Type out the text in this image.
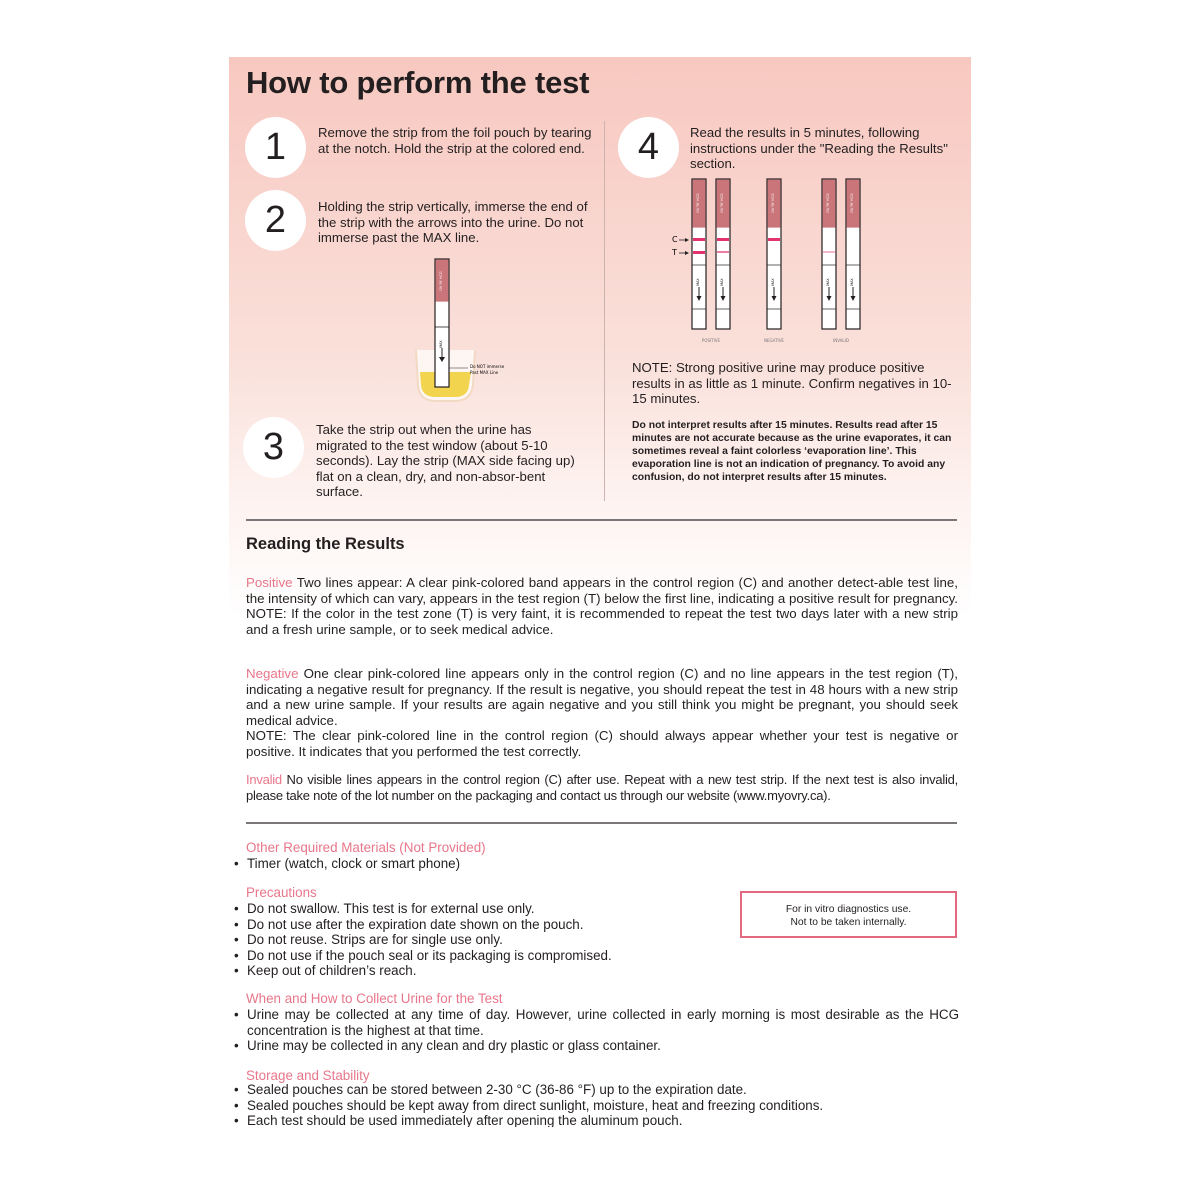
How to perform the test
1	Remove the strip from the foil pouch by tearing at the notch. Hold the strip at the colored end.
2	Holding the strip vertically, immerse the end of the strip with the arrows into the urine. Do not immerse past the MAX line.
3	Take the strip out when the urine has migrated to the test window (about 5-10 seconds). Lay the strip (MAX side facing up) flat on a clean, dry, and non-absor-bent surface.
4	Read the results in 5 minutes, following instructions under the "Reading the Results" section.
OV RY HCG
MAX
Do NOT immerse
Past MAX Line
C
T
OV RY HCG
MAX
OV RY HCG
MAX
OV RY HCG
MAX
OV RY HCG
MAX
OV RY HCG
MAX
POSITIVE	NEGATIVE	INVALID
NOTE: Strong positive urine may produce positive results in as little as 1 minute. Confirm negatives in 10-15 minutes.
Do not interpret results after 15 minutes. Results read after 15 minutes are not accurate because as the urine evaporates, it can sometimes reveal a faint colorless ‘evaporation line’. This evaporation line is not an indication of pregnancy. To avoid any confusion, do not interpret results after 15 minutes.
Reading the Results
Positive Two lines appear: A clear pink-colored band appears in the control region (C) and another detect-able test line, the intensity of which can vary, appears in the test region (T) below the first line, indicating a positive result for pregnancy.
NOTE: If the color in the test zone (T) is very faint, it is recommended to repeat the test two days later with a new strip and a fresh urine sample, or to seek medical advice.
Negative One clear pink-colored line appears only in the control region (C) and no line appears in the test region (T), indicating a negative result for pregnancy. If the result is negative, you should repeat the test in 48 hours with a new strip and a new urine sample. If your results are again negative and you still think you might be pregnant, you should seek medical advice.
NOTE: The clear pink-colored line in the control region (C) should always appear whether your test is negative or positive. It indicates that you performed the test correctly.
Invalid No visible lines appears in the control region (C) after use. Repeat with a new test strip. If the next test is also invalid, please take note of the lot number on the packaging and contact us through our website (www.myovry.ca).
Other Required Materials (Not Provided)
• Timer (watch, clock or smart phone)
Precautions
• Do not swallow. This test is for external use only.
• Do not use after the expiration date shown on the pouch.
• Do not reuse. Strips are for single use only.
• Do not use if the pouch seal or its packaging is compromised.
• Keep out of children’s reach.
For in vitro diagnostics use.
Not to be taken internally.
When and How to Collect Urine for the Test
• Urine may be collected at any time of day. However, urine collected in early morning is most desirable as the HCG concentration is the highest at that time.
• Urine may be collected in any clean and dry plastic or glass container.
Storage and Stability
• Sealed pouches can be stored between 2-30 °C (36-86 °F) up to the expiration date.
• Sealed pouches should be kept away from direct sunlight, moisture, heat and freezing conditions.
• Each test should be used immediately after opening the aluminum pouch.
